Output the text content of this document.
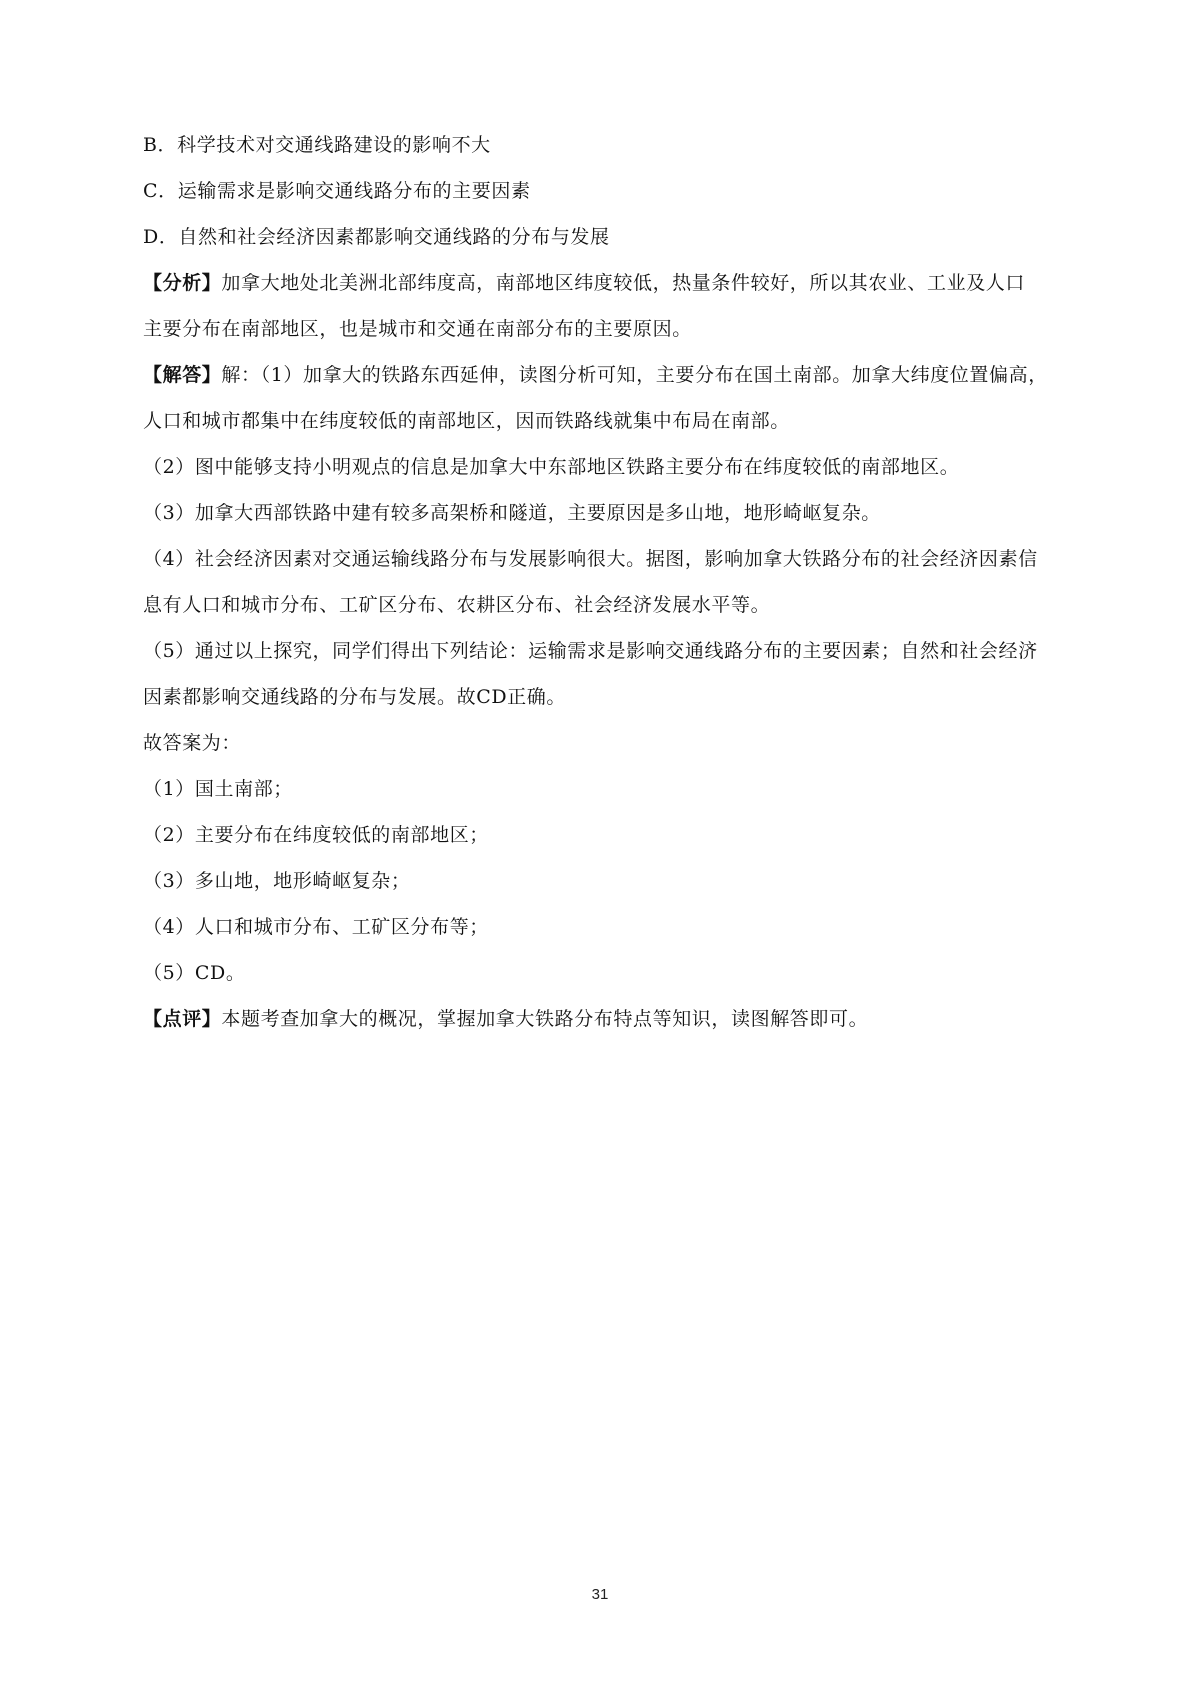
B．科学技术对交通线路建设的影响不大

C．运输需求是影响交通线路分布的主要因素

D．自然和社会经济因素都影响交通线路的分布与发展

【分析】加拿大地处北美洲北部纬度高，南部地区纬度较低，热量条件较好，所以其农业、工业及人口

主要分布在南部地区，也是城市和交通在南部分布的主要原因。

【解答】解：（1）加拿大的铁路东西延伸，读图分析可知，主要分布在国土南部。加拿大纬度位置偏高，

人口和城市都集中在纬度较低的南部地区，因而铁路线就集中布局在南部。

（2）图中能够支持小明观点的信息是加拿大中东部地区铁路主要分布在纬度较低的南部地区。

（3）加拿大西部铁路中建有较多高架桥和隧道，主要原因是多山地，地形崎岖复杂。

（4）社会经济因素对交通运输线路分布与发展影响很大。据图，影响加拿大铁路分布的社会经济因素信

息有人口和城市分布、工矿区分布、农耕区分布、社会经济发展水平等。

（5）通过以上探究，同学们得出下列结论：运输需求是影响交通线路分布的主要因素；自然和社会经济

因素都影响交通线路的分布与发展。故CD正确。

故答案为：

（1）国土南部；

（2）主要分布在纬度较低的南部地区；

（3）多山地，地形崎岖复杂；

（4）人口和城市分布、工矿区分布等；

（5）CD。

【点评】本题考查加拿大的概况，掌握加拿大铁路分布特点等知识，读图解答即可。

31
